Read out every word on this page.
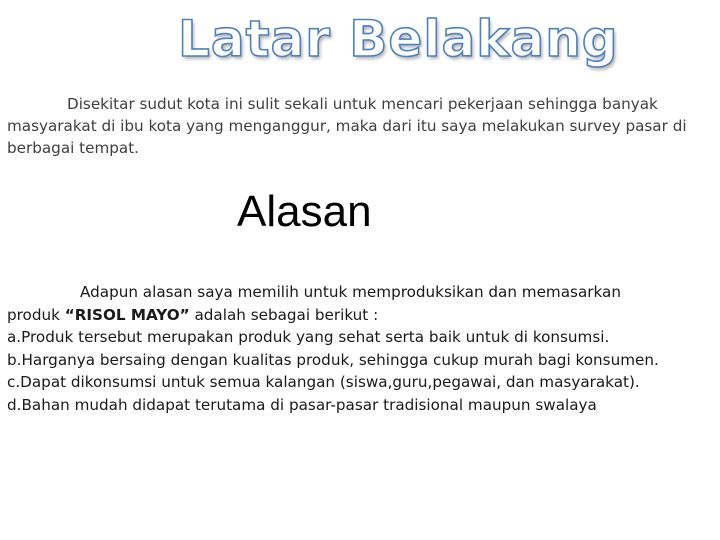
Latar Belakang

Disekitar sudut kota ini sulit sekali untuk mencari pekerjaan sehingga banyak masyarakat di ibu kota yang menganggur, maka dari itu saya melakukan survey pasar di berbagai tempat.

Alasan
Adapun alasan saya memilih untuk memproduksikan dan memasarkan
produk “RISOL MAYO” adalah sebagai berikut :
a.Produk tersebut merupakan produk yang sehat serta baik untuk di konsumsi.
b.Harganya bersaing dengan kualitas produk, sehingga cukup murah bagi konsumen.
c.Dapat dikonsumsi untuk semua kalangan (siswa,guru,pegawai, dan masyarakat).
d.Bahan mudah didapat terutama di pasar-pasar tradisional maupun swalaya
